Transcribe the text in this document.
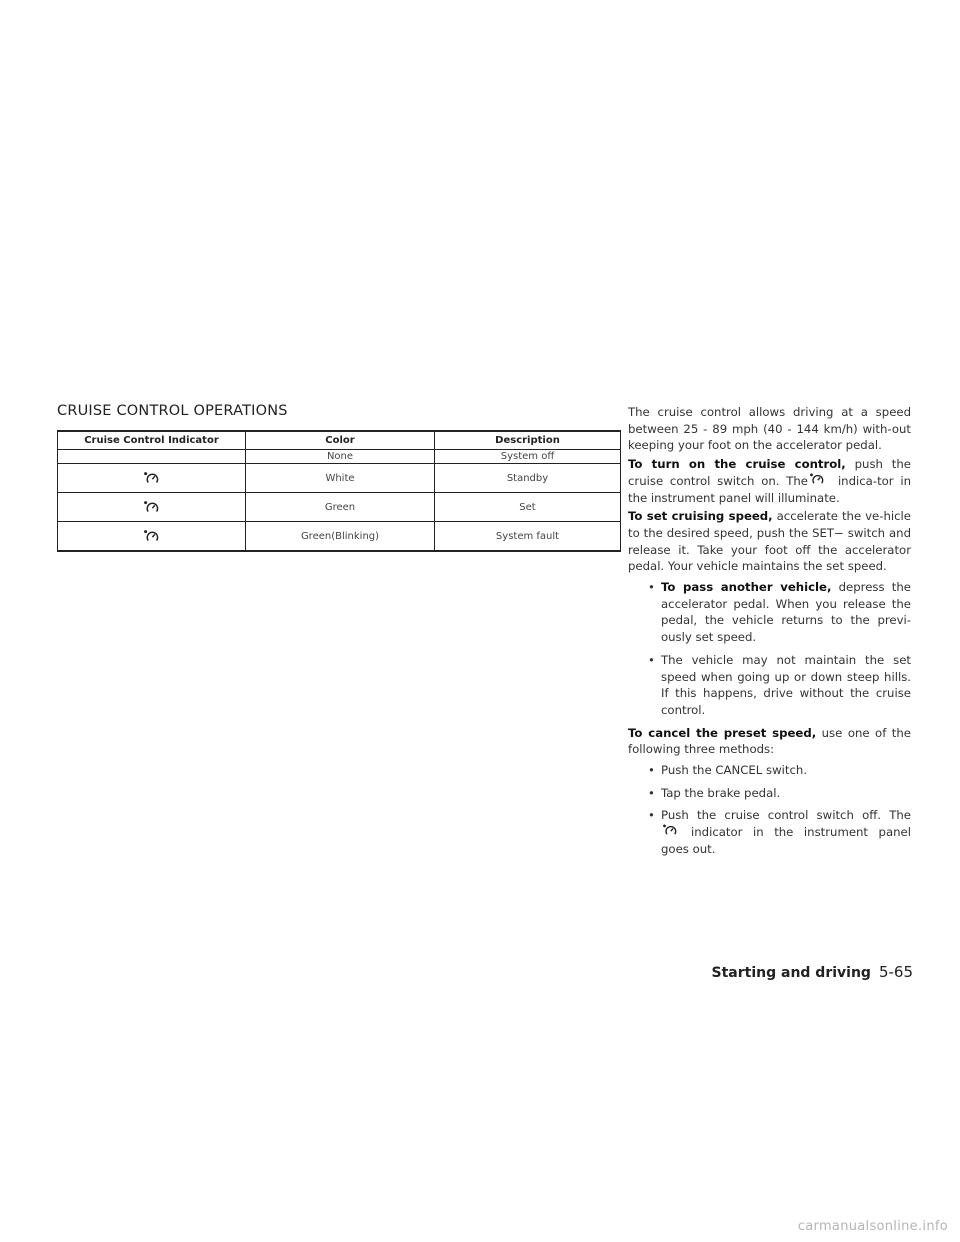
CRUISE CONTROL OPERATIONS
Cruise Control Indicator	Color	Description
	None	System off

	White	Standby

	Green	Set

	Green(Blinking)	System fault

The cruise control allows driving at a speed between 25 - 89 mph (40 - 144 km/h) with-out keeping your foot on the accelerator pedal.

To turn on the cruise control, push the cruise control switch on. The	indica-tor in the instrument panel will illuminate.

To set cruising speed, accelerate the ve-hicle to the desired speed, push the SET− switch and release it. Take your foot off the accelerator pedal. Your vehicle maintains the set speed.

• To pass another vehicle, depress the accelerator pedal. When you release the pedal, the vehicle returns to the previ-ously set speed.
• The vehicle may not maintain the set speed when going up or down steep hills. If this happens, drive without the cruise control.

To cancel the preset speed, use one of the following three methods:

• Push the CANCEL switch.
• Tap the brake pedal.
• Push the cruise control switch off. The
indicator in the instrument panel goes out.
Starting and driving 5-65
carmanualsonline.info
